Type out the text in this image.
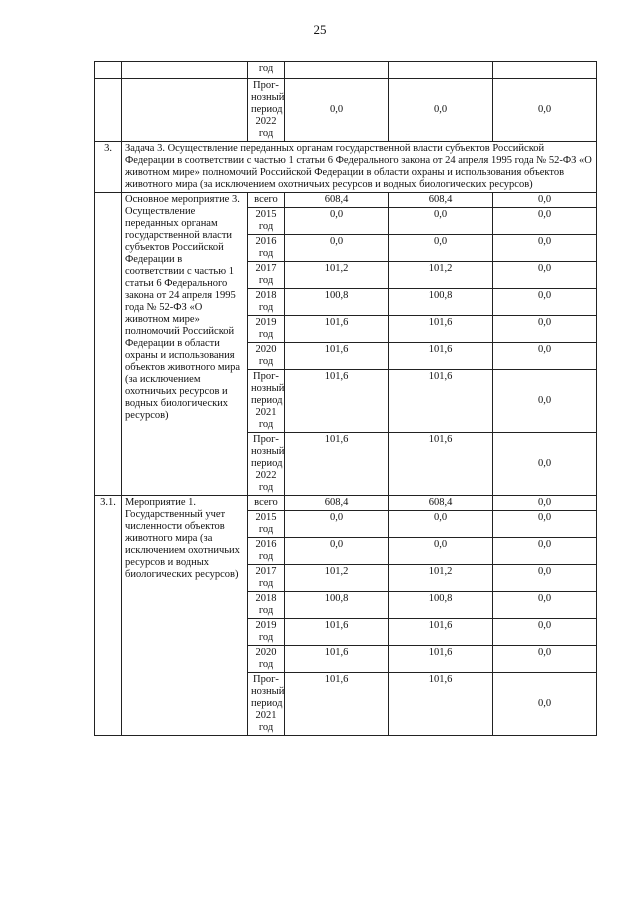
25
		год			
		Прог-
нозный
период
2022
год	0,0	0,0	0,0
3.	Задача 3. Осуществление переданных органам государственной власти субъектов Российской Федерации в соответствии с частью 1 статьи 6 Федерального закона от 24 апреля 1995 года № 52-ФЗ «О животном мире» полномочий Российской Федерации в области охраны и использования объектов животного мира (за исключением охотничьих ресурсов и водных биологических ресурсов)				
	Основное мероприятие 3. Осуществление переданных органам государственной власти субъектов Российской Федерации в соответствии с частью 1 статьи 6 Федерального закона от 24 апреля 1995 года № 52-ФЗ «О животном мире» полномочий Российской Федерации в области охраны и использования объектов животного мира (за исключением охотничьих ресурсов и водных биологических ресурсов)	всего	608,4	608,4	0,0
		2015
год	0,0	0,0	0,0
		2016
год	0,0	0,0	0,0
		2017
год	101,2	101,2	0,0
		2018
год	100,8	100,8	0,0
		2019
год	101,6	101,6	0,0
		2020
год	101,6	101,6	0,0
		Прог-
нозный
период
2021
год	101,6	101,6	0,0
		Прог-
нозный
период
2022
год	101,6	101,6	0,0
3.1.	Мероприятие 1. Государственный учет численности объектов животного мира (за исключением охотничьих ресурсов и водных биологических ресурсов)	всего	608,4	608,4	0,0
		2015
год	0,0	0,0	0,0
		2016
год	0,0	0,0	0,0
		2017
год	101,2	101,2	0,0
		2018
год	100,8	100,8	0,0
		2019
год	101,6	101,6	0,0
		2020
год	101,6	101,6	0,0
		Прог-
нозный
период
2021
год	101,6	101,6	0,0
